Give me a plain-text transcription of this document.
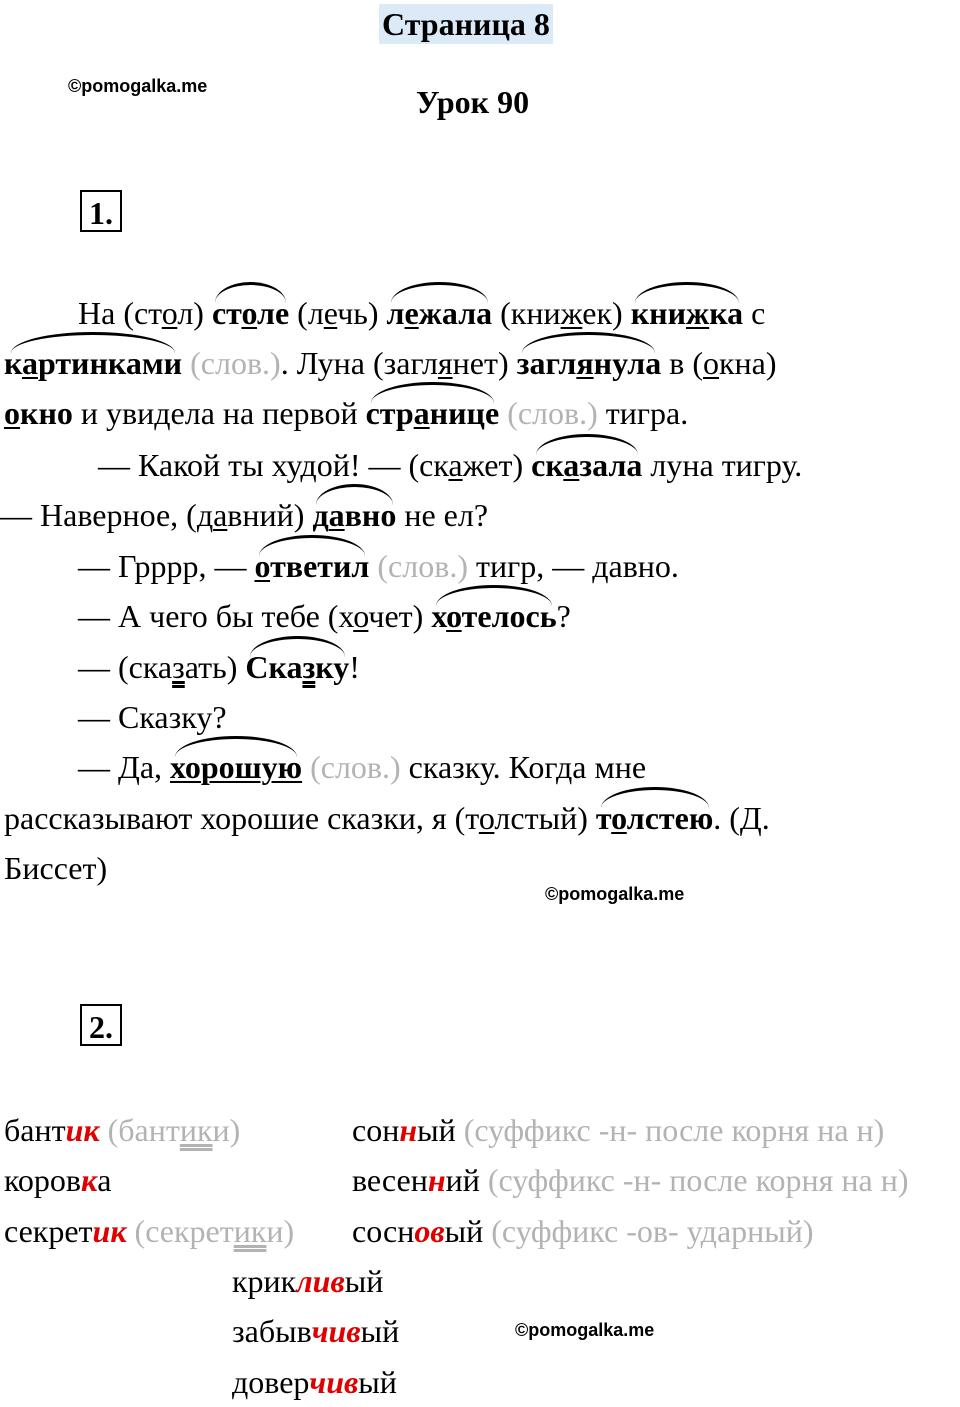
Страница 8
©pomogalka.me	Урок 90
1.
На (стол) столе (лечь) лежала (книжек) книжка с
картинками (слов.). Луна (заглянет) заглянула в (окна)
окно и увидела на первой странице (слов.) тигра.
— Какой ты худой! — (скажет) сказала луна тигру.
— Наверное, (давний) давно не ел?
— Грррр, — ответил (слов.) тигр, — давно.
— А чего бы тебе (хочет) хотелось?
— (сказать) Сказку!
— Сказку?
— Да, хорошую (слов.) сказку. Когда мне
рассказывают хорошие сказки, я (толстый) толстею. (Д.
Биссет)
©pomogalka.me
2.
бантик (бантики)
коровка
секретик (секретики)
сонный (суффикс -н- после корня на н)
весенний (суффикс -н- после корня на н)
сосновый (суффикс -ов- ударный)
крикливый
забывчивый
доверчивый
©pomogalka.me
